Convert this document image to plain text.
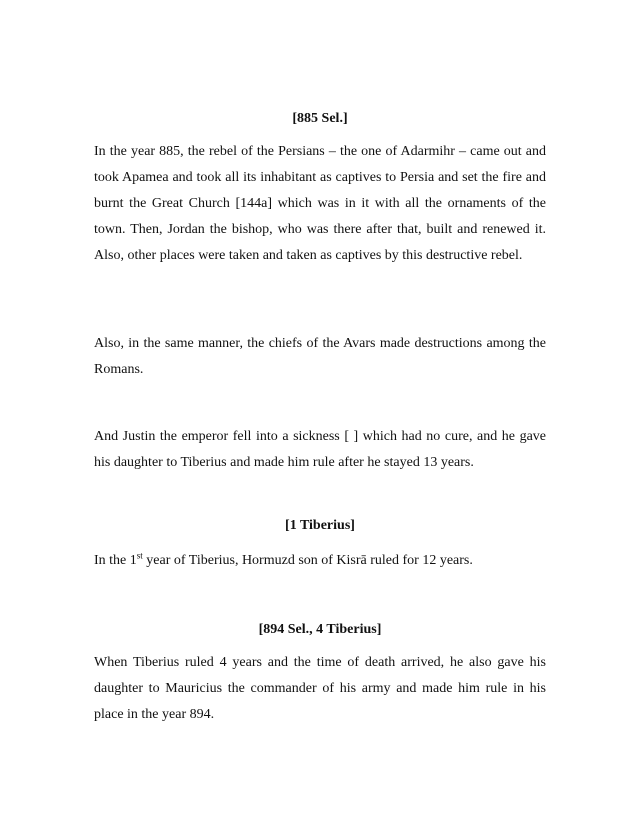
[885 Sel.]

In the year 885, the rebel of the Persians – the one of Adarmihr – came out and took Apamea and took all its inhabitant as captives to Persia and set the fire and burnt the Great Church [144a] which was in it with all the ornaments of the town. Then, Jordan the bishop, who was there after that, built and renewed it. Also, other places were taken and taken as captives by this destructive rebel.

Also, in the same manner, the chiefs of the Avars made destructions among the Romans.

And Justin the emperor fell into a sickness [ ] which had no cure, and he gave his daughter to Tiberius and made him rule after he stayed 13 years.

[1 Tiberius]

In the 1st year of Tiberius, Hormuzd son of Kisrā ruled for 12 years.

[894 Sel., 4 Tiberius]

When Tiberius ruled 4 years and the time of death arrived, he also gave his daughter to Mauricius the commander of his army and made him rule in his place in the year 894.
